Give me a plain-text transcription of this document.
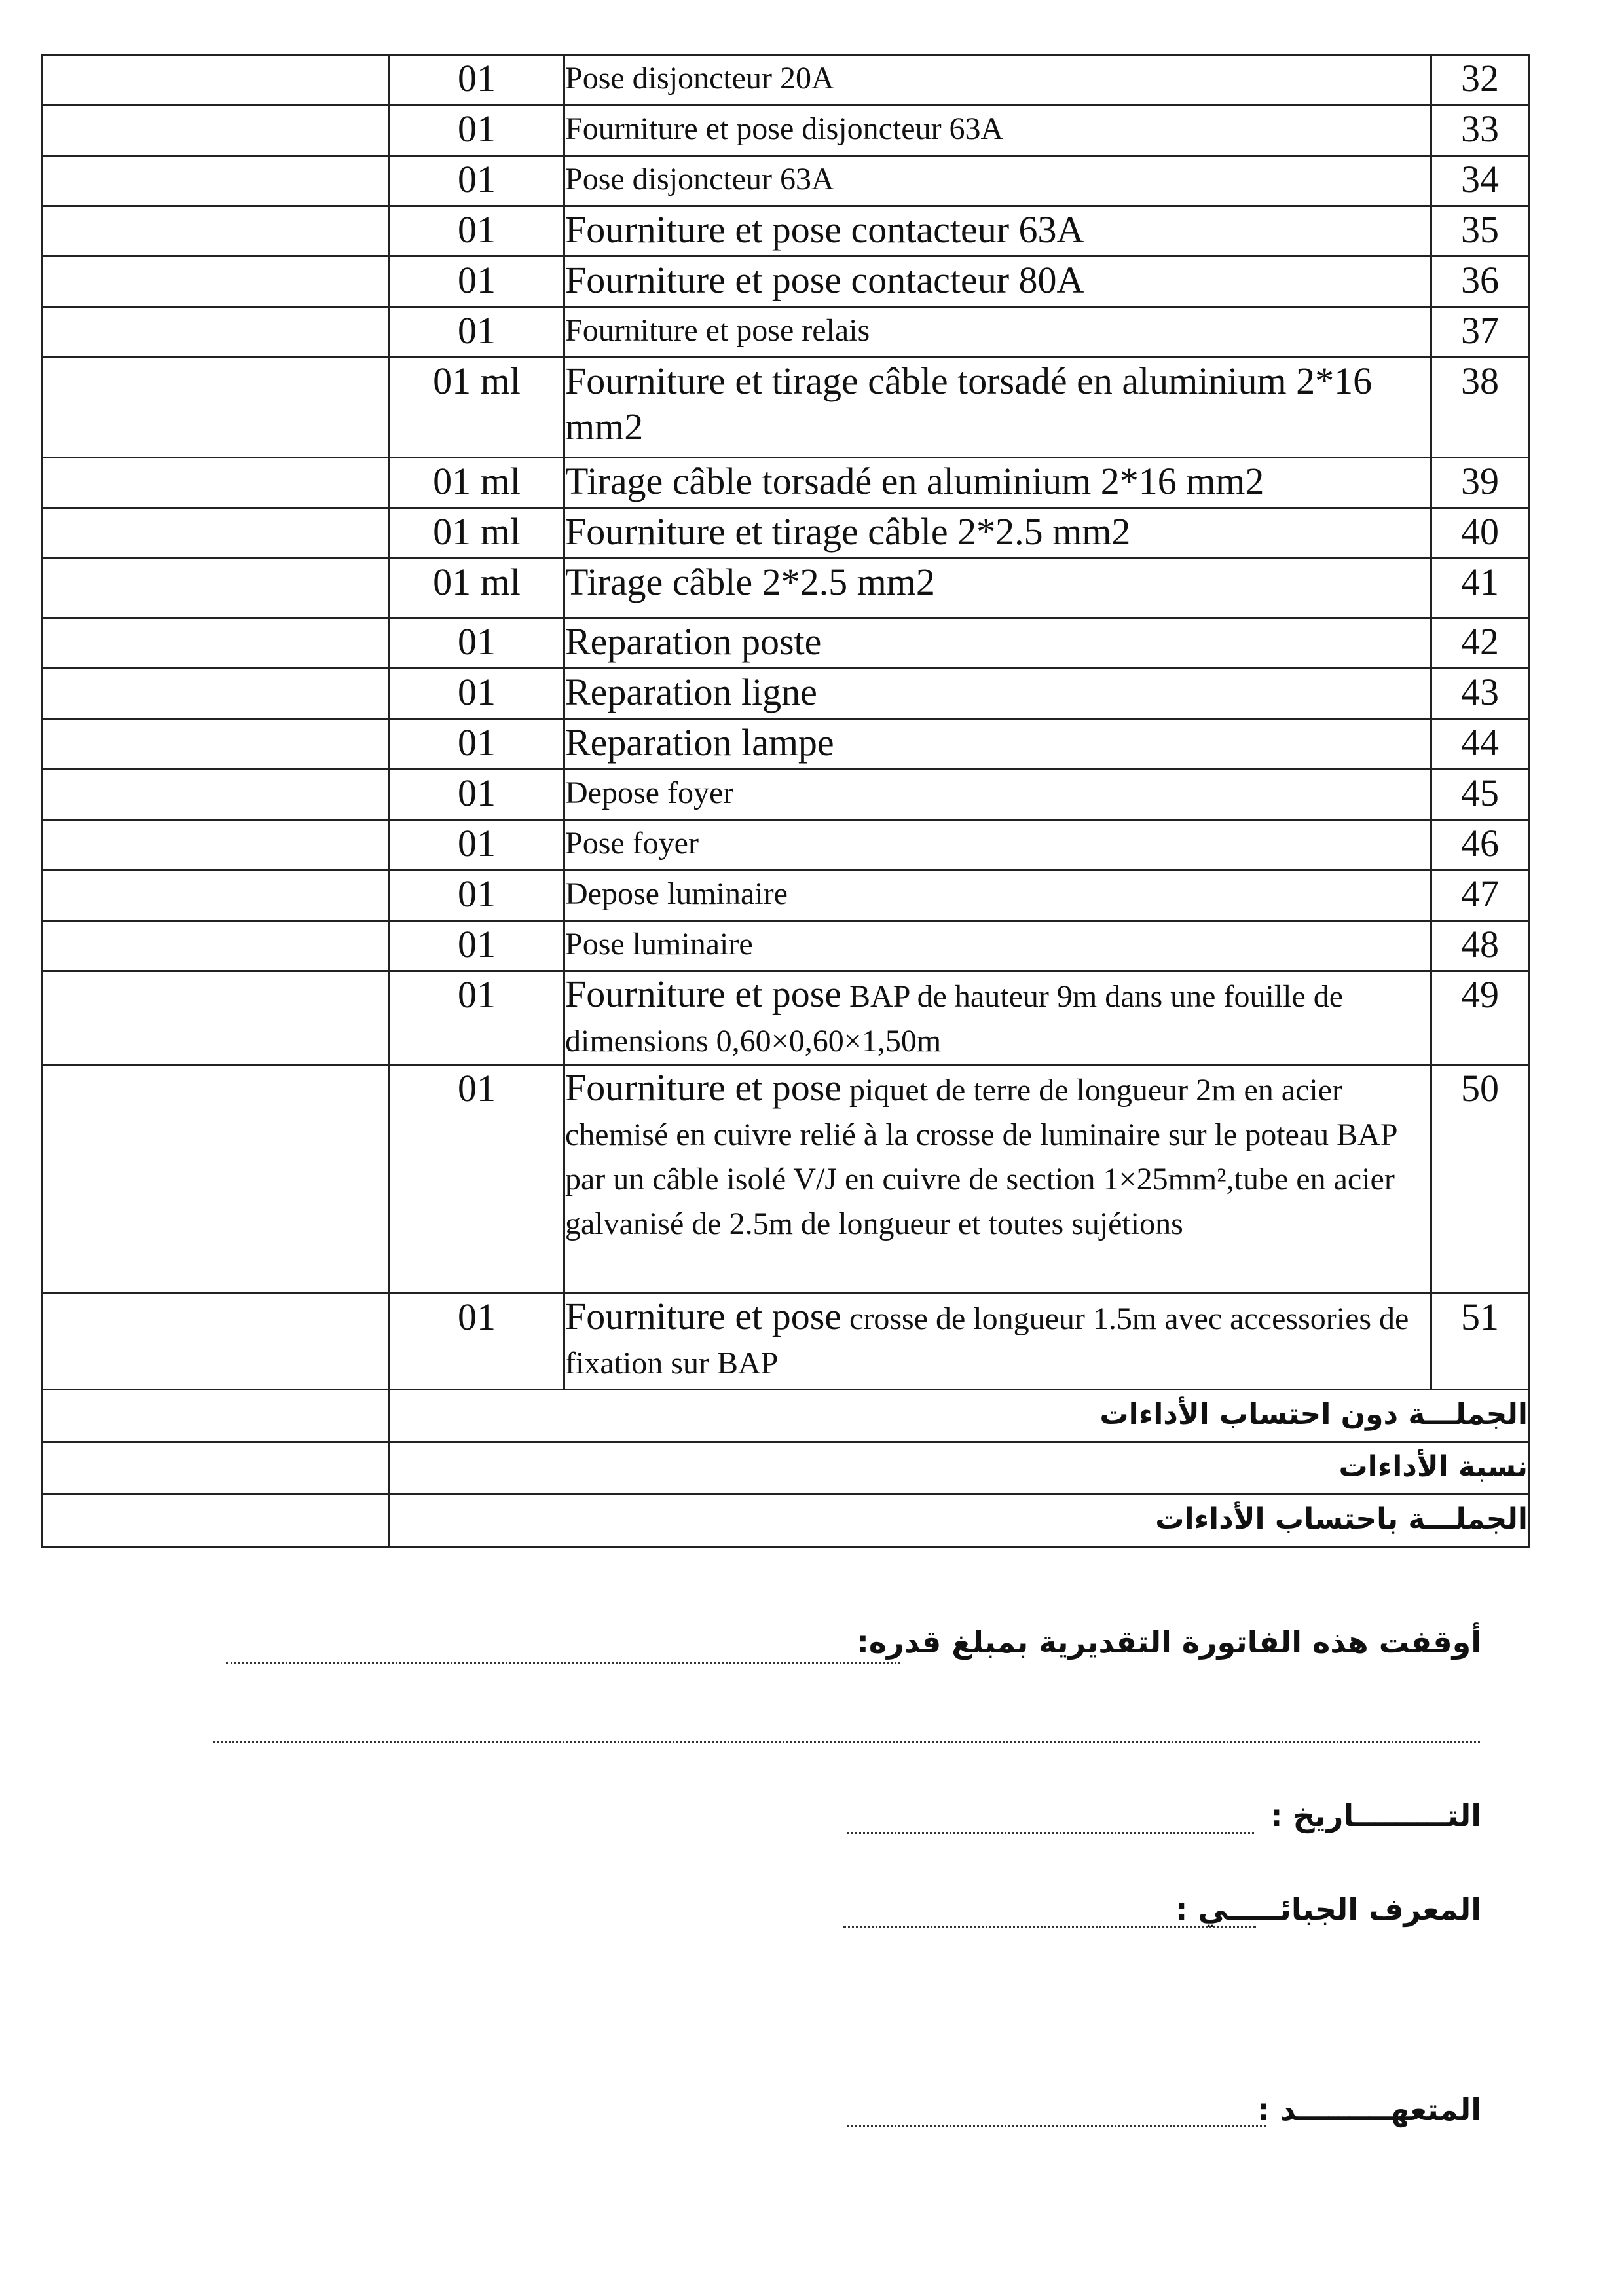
	01	Pose disjoncteur 20A	32
	01	Fourniture et pose disjoncteur 63A	33
	01	Pose disjoncteur 63A	34
	01	Fourniture et pose contacteur 63A	35
	01	Fourniture et pose contacteur 80A	36
	01	Fourniture et pose relais	37
	01 ml	Fourniture et tirage câble torsadé en aluminium 2*16 mm2	38
	01 ml	Tirage câble torsadé en aluminium 2*16 mm2	39
	01 ml	Fourniture et tirage câble 2*2.5 mm2	40
	01 ml	Tirage câble 2*2.5 mm2	41
	01	Reparation poste	42
	01	Reparation ligne	43
	01	Reparation lampe	44
	01	Depose foyer	45
	01	Pose foyer	46
	01	Depose luminaire	47
	01	Pose luminaire	48
	01	Fourniture et pose BAP de hauteur 9m dans une fouille de dimensions 0,60×0,60×1,50m	49
	01	Fourniture et pose piquet de terre de longueur 2m en acier chemisé en cuivre relié à la crosse de luminaire sur le poteau BAP par un câble isolé V/J en cuivre de section 1×25mm²,tube en acier galvanisé de 2.5m de longueur et toutes sujétions	50
	01	Fourniture et pose crosse de longueur 1.5m avec accessories de fixation sur BAP	51
	الجملـــة دون احتساب الأداءات		
	نسبة الأداءات		
	الجملـــة باحتساب الأداءات		
أوقفت هذه الفاتورة التقديرية بمبلغ قدره:
التـــــــــاريخ :
المعرف الجبائـــــي :
المتعهـــــــــد :
